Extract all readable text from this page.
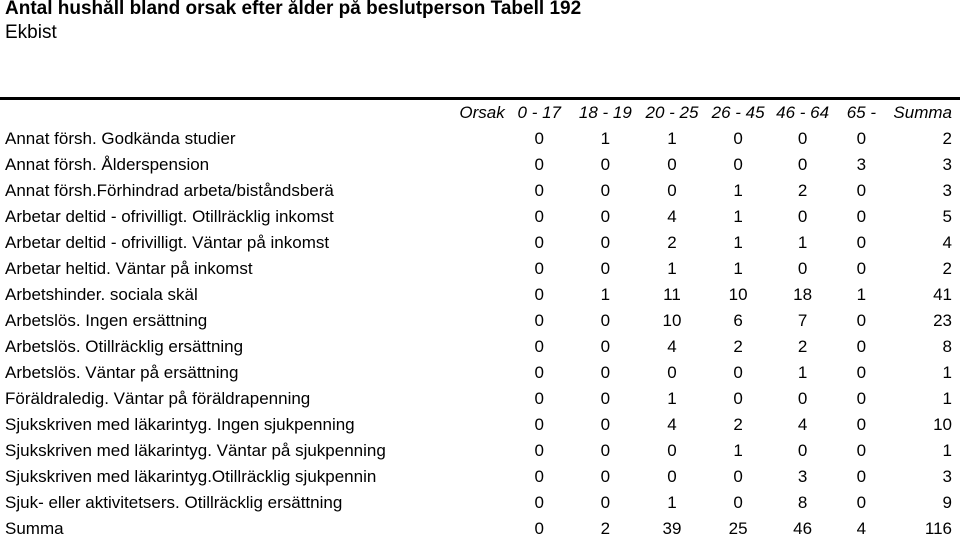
Antal hushåll bland orsak efter ålder på beslutperson Tabell 192
Ekbist
Orsak	0 - 17	18 - 19	20 - 25	26 - 45	46 - 64	65 -	Summa
Annat försh. Godkända studier	0	1	1	0	0	0	2
Annat försh. Ålderspension	0	0	0	0	0	3	3
Annat försh.Förhindrad arbeta/biståndsberä	0	0	0	1	2	0	3
Arbetar deltid - ofrivilligt. Otillräcklig inkomst	0	0	4	1	0	0	5
Arbetar deltid - ofrivilligt. Väntar på inkomst	0	0	2	1	1	0	4
Arbetar heltid. Väntar på inkomst	0	0	1	1	0	0	2
Arbetshinder. sociala skäl	0	1	11	10	18	1	41
Arbetslös. Ingen ersättning	0	0	10	6	7	0	23
Arbetslös. Otillräcklig ersättning	0	0	4	2	2	0	8
Arbetslös. Väntar på ersättning	0	0	0	0	1	0	1
Föräldraledig. Väntar på föräldrapenning	0	0	1	0	0	0	1
Sjukskriven med läkarintyg. Ingen sjukpenning	0	0	4	2	4	0	10
Sjukskriven med läkarintyg. Väntar på sjukpenning	0	0	0	1	0	0	1
Sjukskriven med läkarintyg.Otillräcklig sjukpennin	0	0	0	0	3	0	3
Sjuk- eller aktivitetsers. Otillräcklig ersättning	0	0	1	0	8	0	9
Summa	0	2	39	25	46	4	116
